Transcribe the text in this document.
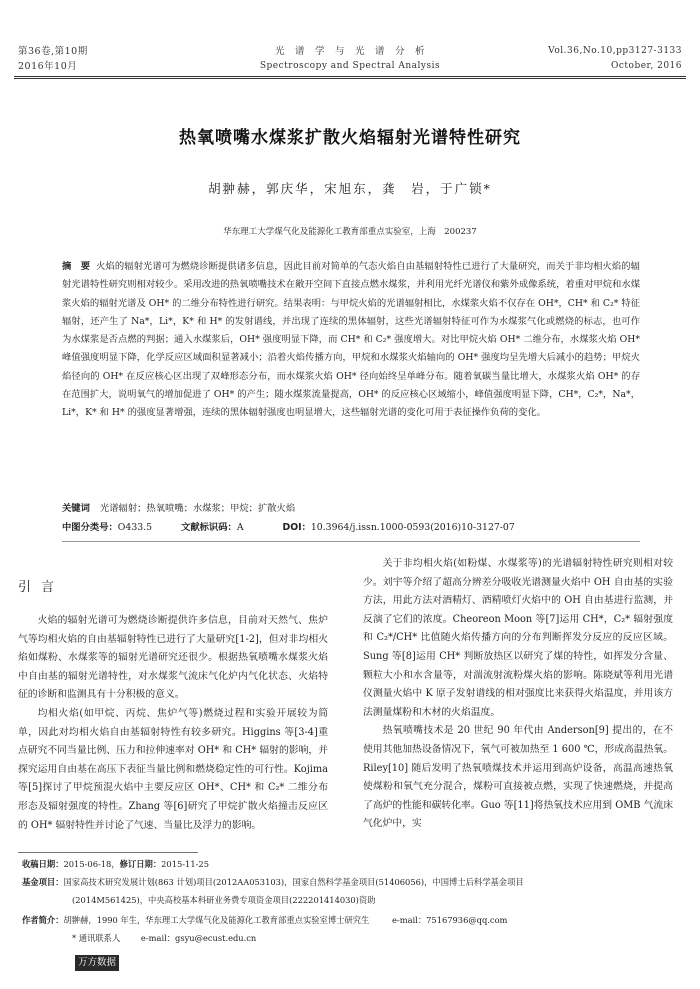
第36卷,第10期
2016年10月
光　谱　学　与　光　谱　分　析
Spectroscopy and Spectral Analysis
Vol.36,No.10,pp3127-3133
October, 2016
热氧喷嘴水煤浆扩散火焰辐射光谱特性研究
胡翀赫，郭庆华，宋旭东，龚　岩，于广锁*
华东理工大学煤气化及能源化工教育部重点实验室，上海　200237
摘　要 火焰的辐射光谱可为燃烧诊断提供诸多信息，因此目前对简单的气态火焰自由基辐射特性已进行了大量研究，而关于非均相火焰的辐射光谱特性研究则相对较少。采用改进的热氧喷嘴技术在敞开空间下直接点燃水煤浆，并利用光纤光谱仪和紫外成像系统，着重对甲烷和水煤浆火焰的辐射光谱及 OH* 的二维分布特性进行研究。结果表明：与甲烷火焰的光谱辐射相比，水煤浆火焰不仅存在 OH*，CH* 和 C₂* 特征辐射，还产生了 Na*，Li*，K* 和 H* 的发射谱线，并出现了连续的黑体辐射，这些光谱辐射特征可作为水煤浆气化或燃烧的标志，也可作为水煤浆是否点燃的判据；通入水煤浆后，OH* 强度明显下降，而 CH* 和 C₂* 强度增大。对比甲烷火焰 OH* 二维分布，水煤浆火焰 OH* 峰值强度明显下降，化学反应区域面积显著减小；沿着火焰传播方向，甲烷和水煤浆火焰轴向的 OH* 强度均呈先增大后减小的趋势；甲烷火焰径向的 OH* 在反应核心区出现了双峰形态分布，而水煤浆火焰 OH* 径向始终呈单峰分布。随着氧碳当量比增大，水煤浆火焰 OH* 的存在范围扩大，说明氧气的增加促进了 OH* 的产生；随水煤浆流量提高，OH* 的反应核心区域缩小，峰值强度明显下降，CH*，C₂*，Na*，Li*，K* 和 H* 的强度显著增强，连续的黑体辐射强度也明显增大，这些辐射光谱的变化可用于表征操作负荷的变化。
关键词 光谱辐射；热氧喷嘴；水煤浆；甲烷；扩散火焰
中图分类号：O433.5	文献标识码：A	DOI：10.3964/j.issn.1000-0593(2016)10-3127-07
引言

火焰的辐射光谱可为燃烧诊断提供许多信息，目前对天然气、焦炉气等均相火焰的自由基辐射特性已进行了大量研究[1-2]，但对非均相火焰如煤粉、水煤浆等的辐射光谱研究还很少。根据热氧喷嘴水煤浆火焰中自由基的辐射光谱特性，对水煤浆气流床气化炉内气化状态、火焰特征的诊断和监测具有十分积极的意义。

均相火焰(如甲烷、丙烷、焦炉气等)燃烧过程和实验开展较为简单，因此对均相火焰自由基辐射特性有较多研究。Higgins 等[3-4]重点研究不同当量比例、压力和拉伸速率对 OH* 和 CH* 辐射的影响，并探究运用自由基在高压下表征当量比例和燃烧稳定性的可行性。Kojima 等[5]探讨了甲烷预混火焰中主要反应区 OH*、CH* 和 C₂* 二维分布形态及辐射强度的特性。Zhang 等[6]研究了甲烷扩散火焰撞击反应区的 OH* 辐射特性并讨论了气速、当量比及浮力的影响。

关于非均相火焰(如粉煤、水煤浆等)的光谱辐射特性研究则相对较少。刘宇等介绍了超高分辨差分吸收光谱测量火焰中 OH 自由基的实验方法，用此方法对酒精灯、酒精喷灯火焰中的 OH 自由基进行监测，并反演了它们的浓度。Cheoreon Moon 等[7]运用 CH*，C₂* 辐射强度和 C₂*/CH* 比值随火焰传播方向的分布判断挥发分反应的反应区域。Sung 等[8]运用 CH* 判断放热区以研究了煤的特性，如挥发分含量、颗粒大小和水含量等，对湍流射流粉煤火焰的影响。陈晓斌等利用光谱仪测量火焰中 K 原子发射谱线的相对强度比来获得火焰温度，并用该方法测量煤粉和木材的火焰温度。

热氧喷嘴技术是 20 世纪 90 年代由 Anderson[9] 提出的，在不使用其他加热设备情况下，氧气可被加热至 1 600 ℃，形成高温热氧。Riley[10] 随后发明了热氧喷煤技术并运用到高炉设备，高温高速热氧使煤粉和氧气充分混合，煤粉可直接被点燃，实现了快速燃烧，并提高了高炉的性能和碳转化率。Guo 等[11]将热氧技术应用到 OMB 气流床气化炉中，实

收稿日期：2015-06-18，修订日期：2015-11-25
基金项目：国家高技术研究发展计划(863 计划)项目(2012AA053103)，国家自然科学基金项目(51406056)，中国博士后科学基金项目
(2014M561425)，中央高校基本科研业务费专项资金项目(222201414030)资助
作者简介：胡翀赫，1990 年生，华东理工大学煤气化及能源化工教育部重点实验室博士研究生	e-mail：75167936@qq.com
* 通讯联系人 e-mail：gsyu@ecust.edu.cn
万方数据
